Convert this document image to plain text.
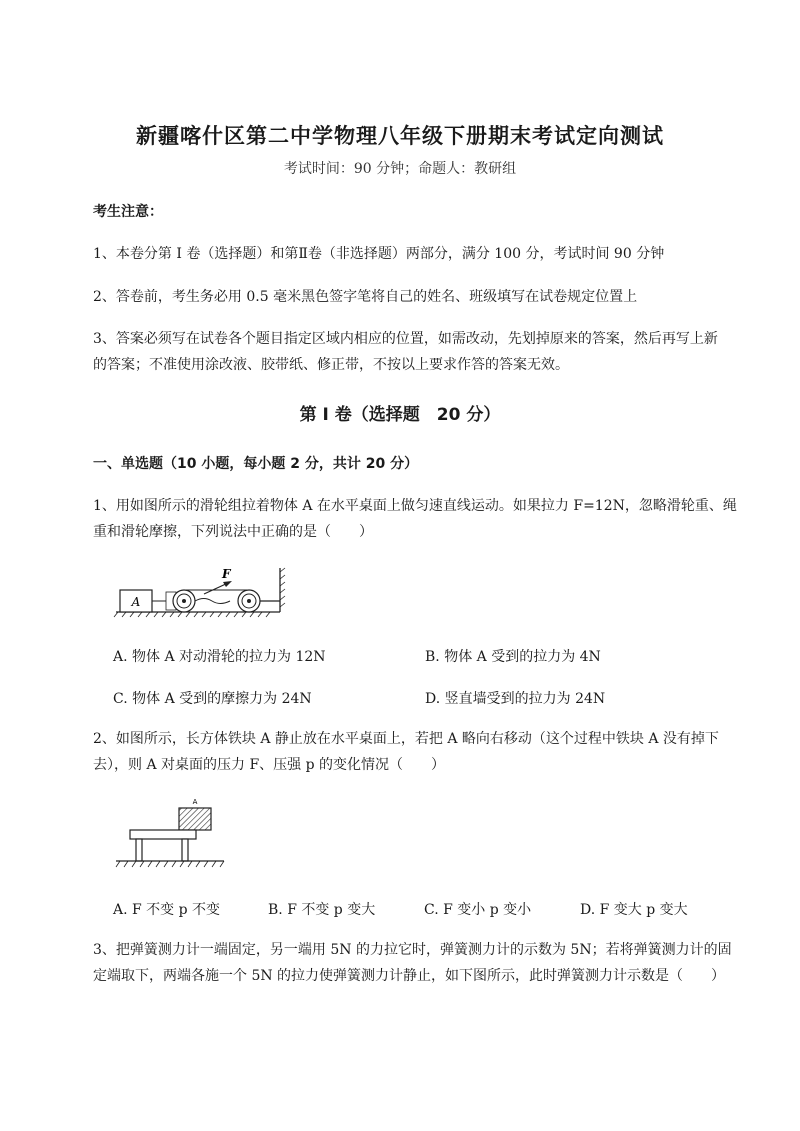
新疆喀什区第二中学物理八年级下册期末考试定向测试
考试时间：90 分钟；命题人：教研组
考生注意：
1、本卷分第 I 卷（选择题）和第Ⅱ卷（非选择题）两部分，满分 100 分，考试时间 90 分钟
2、答卷前，考生务必用 0.5 毫米黑色签字笔将自己的姓名、班级填写在试卷规定位置上
3、答案必须写在试卷各个题目指定区域内相应的位置，如需改动，先划掉原来的答案，然后再写上新
的答案；不准使用涂改液、胶带纸、修正带，不按以上要求作答的答案无效。
第 I 卷（选择题　20 分）
一、单选题（10 小题，每小题 2 分，共计 20 分）
1、用如图所示的滑轮组拉着物体 A 在水平桌面上做匀速直线运动。如果拉力 F=12N，忽略滑轮重、绳
重和滑轮摩擦，下列说法中正确的是（　　）
A
F
A. 物体 A 对动滑轮的拉力为 12N	B. 物体 A 受到的拉力为 4N
C. 物体 A 受到的摩擦力为 24N	D. 竖直墙受到的拉力为 24N
2、如图所示，长方体铁块 A 静止放在水平桌面上，若把 A 略向右移动（这个过程中铁块 A 没有掉下
去），则 A 对桌面的压力 F、压强 p 的变化情况（　　）
A
A. F 不变 p 不变	B. F 不变 p 变大	C. F 变小 p 变小	D. F 变大 p 变大
3、把弹簧测力计一端固定，另一端用 5N 的力拉它时，弹簧测力计的示数为 5N；若将弹簧测力计的固
定端取下，两端各施一个 5N 的拉力使弹簧测力计静止，如下图所示，此时弹簧测力计示数是（　　）
